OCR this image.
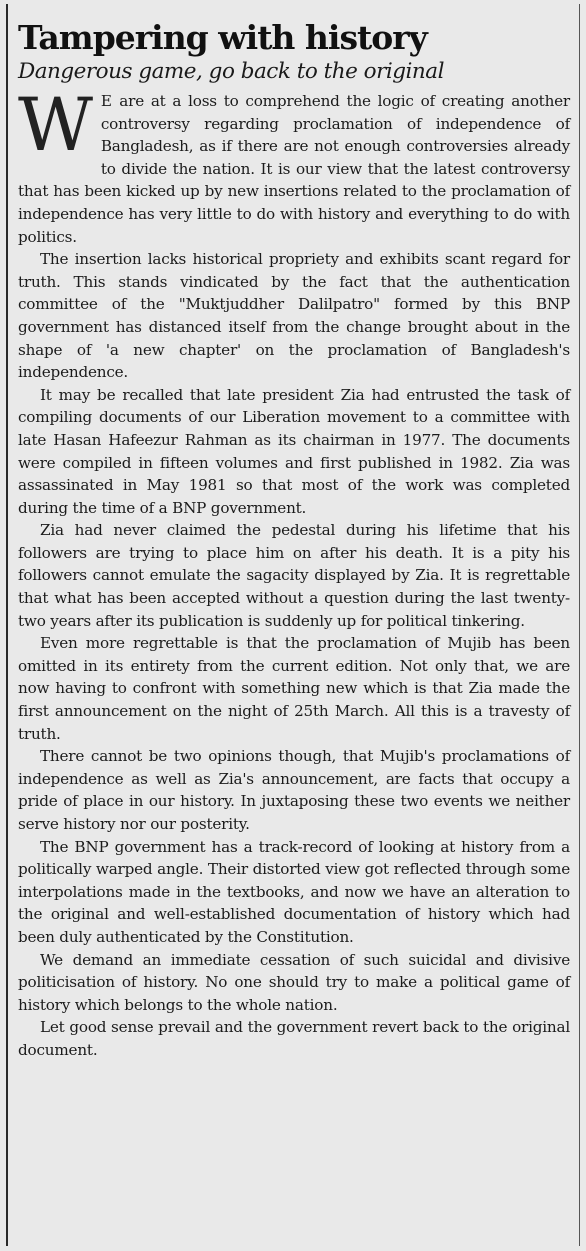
Tampering with history
Dangerous game, go back to the original

W E are at a loss to comprehend the logic of creating another controversy regarding proclamation of independence of Bangladesh, as if there are not enough controversies already to divide the nation. It is our view that the latest controversy that has been kicked up by new insertions related to the proclamation of independence has very little to do with history and everything to do with politics.

The insertion lacks historical propriety and exhibits scant regard for truth. This stands vindicated by the fact that the authentication committee of the "Muktjuddher Dalilpatro" formed by this BNP government has distanced itself from the change brought about in the shape of 'a new chapter' on the proclamation of Bangladesh's independence.

It may be recalled that late president Zia had entrusted the task of compiling documents of our Liberation movement to a committee with late Hasan Hafeezur Rahman as its chairman in 1977. The documents were compiled in fifteen volumes and first published in 1982. Zia was assassinated in May 1981 so that most of the work was completed during the time of a BNP government.

Zia had never claimed the pedestal during his lifetime that his followers are trying to place him on after his death. It is a pity his followers cannot emulate the sagacity displayed by Zia. It is regrettable that what has been accepted without a question during the last twenty-two years after its publication is suddenly up for political tinkering.

Even more regrettable is that the proclamation of Mujib has been omitted in its entirety from the current edition. Not only that, we are now having to confront with something new which is that Zia made the first announcement on the night of 25th March. All this is a travesty of truth.

There cannot be two opinions though, that Mujib's proclamations of independence as well as Zia's announcement, are facts that occupy a pride of place in our history. In juxtaposing these two events we neither serve history nor our posterity.

The BNP government has a track-record of looking at history from a politically warped angle. Their distorted view got reflected through some interpolations made in the textbooks, and now we have an alteration to the original and well-established documentation of history which had been duly authenticated by the Constitution.

We demand an immediate cessation of such suicidal and divisive politicisation of history. No one should try to make a political game of history which belongs to the whole nation.

Let good sense prevail and the government revert back to the original document.
